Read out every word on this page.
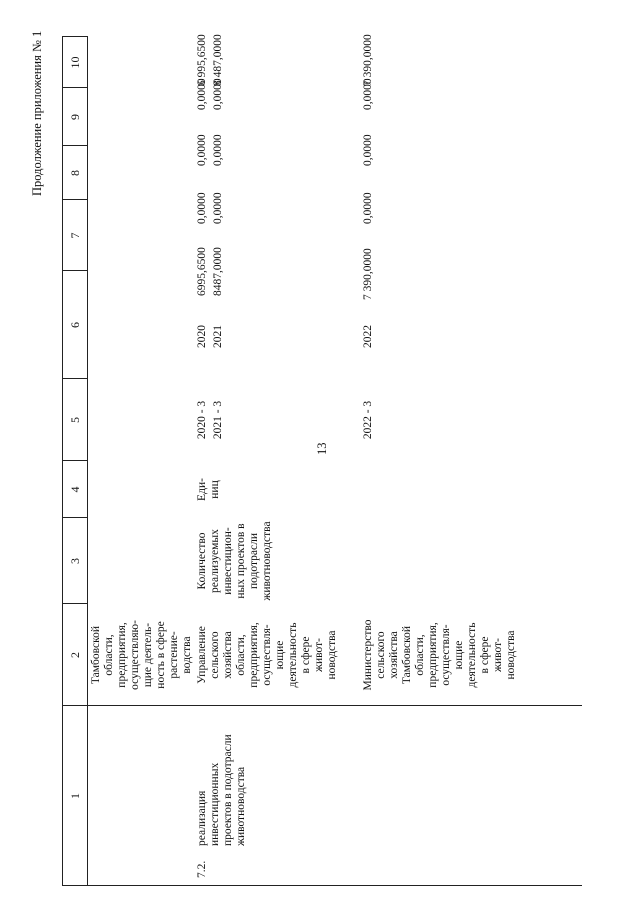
13
Продолжение приложения № 1
1
2
3
4
5
6
7
8
9
10
Тамбовской
области,
предприятия,
осуществляю-
щие деятель-
ность в сфере
растение-
водства
7.2.
реализация
инвестиционных
проектов в подотрасли
животноводства
Управление
сельского
хозяйства
области,
предприятия,
осуществля-
ющие
деятельность
в сфере
живот-
новодства
Количество
реализуемых
инвестицион-
ных проектов в
подотрасли
животноводства
Еди-
ниц
2020 - 3
2020
6995,6500
0,0000
0,0000
0,0000
6 995,6500
2021 - 3
2021
8487,0000
0,0000
0,0000
0,0000
8 487,0000
Министерство
сельского
хозяйства
Тамбовской
области,
предприятия,
осуществля-
ющие
деятельность
в сфере
живот-
новодства
2022 - 3
2022
7 390,0000
0,0000
0,0000
0,0000
7 390,0000
